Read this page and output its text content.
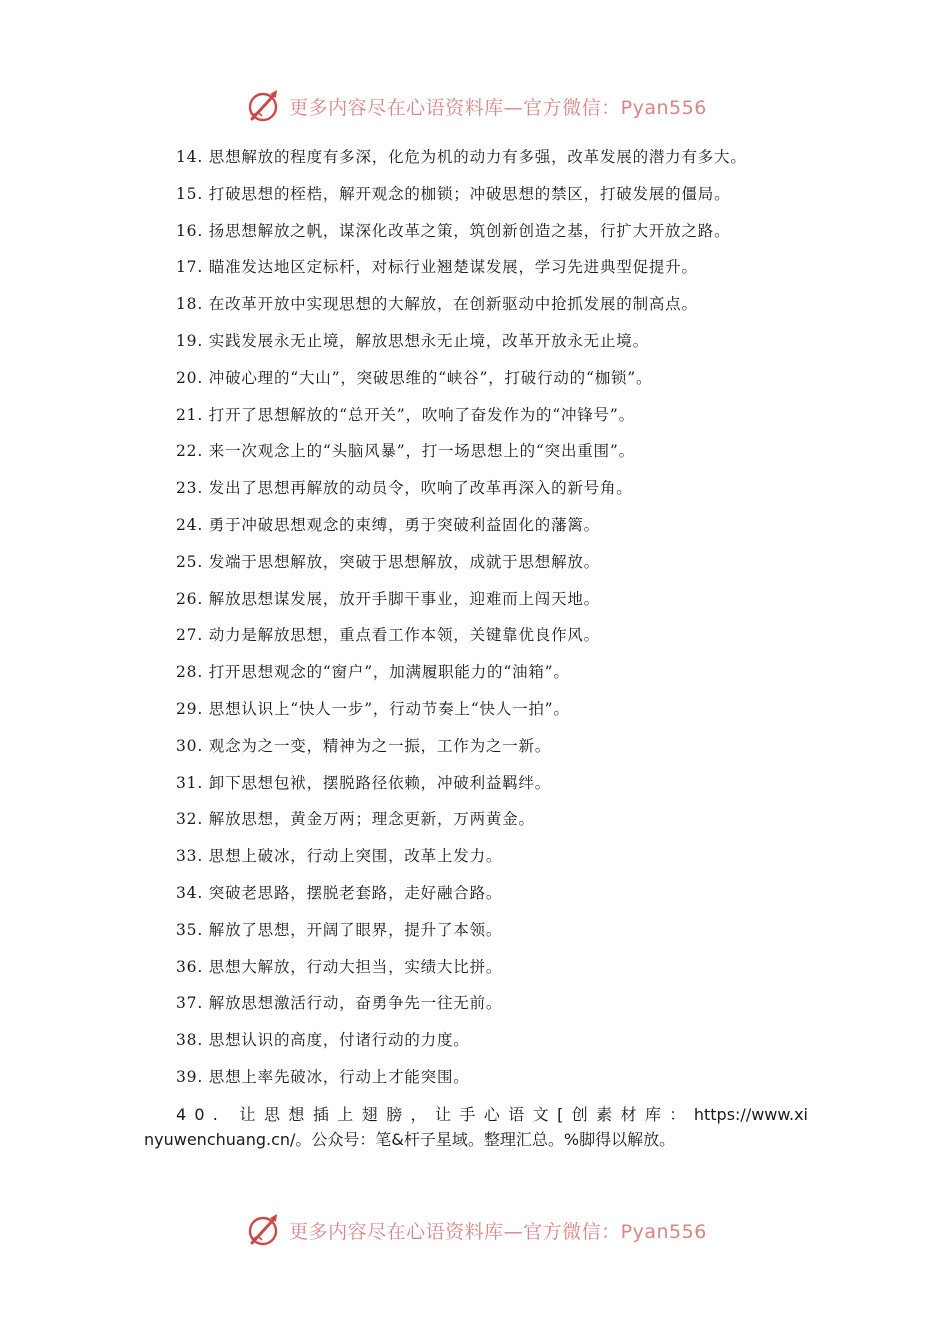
更多内容尽在心语资料库—官方微信：Pyan556

14. 思想解放的程度有多深，化危为机的动力有多强，改革发展的潜力有多大。

15. 打破思想的桎梏，解开观念的枷锁；冲破思想的禁区，打破发展的僵局。

16. 扬思想解放之帆，谋深化改革之策，筑创新创造之基，行扩大开放之路。

17. 瞄准发达地区定标杆，对标行业翘楚谋发展，学习先进典型促提升。

18. 在改革开放中实现思想的大解放，在创新驱动中抢抓发展的制高点。

19. 实践发展永无止境，解放思想永无止境，改革开放永无止境。

20. 冲破心理的“大山”，突破思维的“峡谷”，打破行动的“枷锁”。

21. 打开了思想解放的“总开关”，吹响了奋发作为的“冲锋号”。

22. 来一次观念上的“头脑风暴”，打一场思想上的“突出重围”。

23. 发出了思想再解放的动员令，吹响了改革再深入的新号角。

24. 勇于冲破思想观念的束缚，勇于突破利益固化的藩篱。

25. 发端于思想解放，突破于思想解放，成就于思想解放。

26. 解放思想谋发展，放开手脚干事业，迎难而上闯天地。

27. 动力是解放思想，重点看工作本领，关键靠优良作风。

28. 打开思想观念的“窗户”，加满履职能力的“油箱”。

29. 思想认识上“快人一步”，行动节奏上“快人一拍”。

30. 观念为之一变，精神为之一振，工作为之一新。

31. 卸下思想包袱，摆脱路径依赖，冲破利益羁绊。

32. 解放思想，黄金万两；理念更新，万两黄金。

33. 思想上破冰，行动上突围，改革上发力。

34. 突破老思路，摆脱老套路，走好融合路。

35. 解放了思想，开阔了眼界，提升了本领。

36. 思想大解放，行动大担当，实绩大比拼。

37. 解放思想激活行动，奋勇争先一往无前。

38. 思想认识的高度，付诸行动的力度。

39. 思想上率先破冰，行动上才能突围。

40. 让思想插上翅膀，让手心语文[创素材库：https://www.xinyuwenchuang.cn/。公众号：笔&杆子星域。整理汇总。%脚得以解放。

更多内容尽在心语资料库—官方微信：Pyan556
